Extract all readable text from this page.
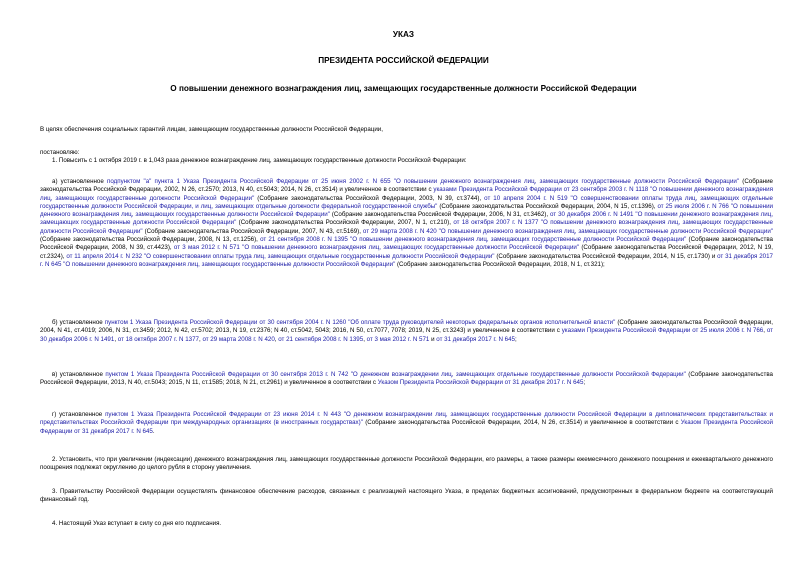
УКАЗ
ПРЕЗИДЕНТА РОССИЙСКОЙ ФЕДЕРАЦИИ
О повышении денежного вознаграждения лиц, замещающих государственные должности Российской Федерации

В целях обеспечения социальных гарантий лицам, замещающим государственные должности Российской Федерации,

постановляю:

1. Повысить с 1 октября 2019 г. в 1,043 раза денежное вознаграждение лиц, замещающих государственные должности Российской Федерации:

а) установленное подпунктом "а" пункта 1 Указа Президента Российской Федерации от 25 июня 2002 г. N 655 "О повышении денежного вознаграждения лиц, замещающих государственные должности Российской Федерации" (Собрание законодательства Российской Федерации, 2002, N 26, ст.2570; 2013, N 40, ст.5043; 2014, N 26, ст.3514) и увеличенное в соответствии с указами Президента Российской Федерации от 23 сентября 2003 г. N 1118 "О повышении денежного вознаграждения лиц, замещающих государственные должности Российской Федерации" (Собрание законодательства Российской Федерации, 2003, N 39, ст.3744), от 10 апреля 2004 г. N 519 "О совершенствовании оплаты труда лиц, замещающих отдельные государственные должности Российской Федерации, и лиц, замещающих отдельные должности федеральной государственной службы" (Собрание законодательства Российской Федерации, 2004, N 15, ст.1396), от 25 июля 2006 г. N 766 "О повышении денежного вознаграждения лиц, замещающих государственные должности Российской Федерации" (Собрание законодательства Российской Федерации, 2006, N 31, ст.3462), от 30 декабря 2006 г. N 1491 "О повышении денежного вознаграждения лиц, замещающих государственные должности Российской Федерации" (Собрание законодательства Российской Федерации, 2007, N 1, ст.210), от 18 октября 2007 г. N 1377 "О повышении денежного вознаграждения лиц, замещающих государственные должности Российской Федерации" (Собрание законодательства Российской Федерации, 2007, N 43, ст.5169), от 29 марта 2008 г. N 420 "О повышении денежного вознаграждения лиц, замещающих государственные должности Российской Федерации" (Собрание законодательства Российской Федерации, 2008, N 13, ст.1256), от 21 сентября 2008 г. N 1395 "О повышении денежного вознаграждения лиц, замещающих государственные должности Российской Федерации" (Собрание законодательства Российской Федерации, 2008, N 39, ст.4423), от 3 мая 2012 г. N 571 "О повышении денежного вознаграждения лиц, замещающих государственные должности Российской Федерации" (Собрание законодательства Российской Федерации, 2012, N 19, ст.2324), от 11 апреля 2014 г. N 232 "О совершенствовании оплаты труда лиц, замещающих отдельные государственные должности Российской Федерации" (Собрание законодательства Российской Федерации, 2014, N 15, ст.1730) и от 31 декабря 2017 г. N 645 "О повышении денежного вознаграждения лиц, замещающих государственные должности Российской Федерации" (Собрание законодательства Российской Федерации, 2018, N 1, ст.321);

б) установленное пунктом 1 Указа Президента Российской Федерации от 30 сентября 2004 г. N 1260 "Об оплате труда руководителей некоторых федеральных органов исполнительной власти" (Собрание законодательства Российской Федерации, 2004, N 41, ст.4019; 2006, N 31, ст.3459; 2012, N 42, ст.5702; 2013, N 19, ст.2376; N 40, ст.5042, 5043; 2016, N 50, ст.7077, 7078; 2019, N 25, ст.3243) и увеличенное в соответствии с указами Президента Российской Федерации от 25 июля 2006 г. N 766, от 30 декабря 2006 г. N 1491, от 18 октября 2007 г. N 1377, от 29 марта 2008 г. N 420, от 21 сентября 2008 г. N 1395, от 3 мая 2012 г. N 571 и от 31 декабря 2017 г. N 645;

в) установленное пунктом 1 Указа Президента Российской Федерации от 30 сентября 2013 г. N 742 "О денежном вознаграждении лиц, замещающих отдельные государственные должности Российской Федерации" (Собрание законодательства Российской Федерации, 2013, N 40, ст.5043; 2015, N 11, ст.1585; 2018, N 21, ст.2961) и увеличенное в соответствии с Указом Президента Российской Федерации от 31 декабря 2017 г. N 645;

г) установленное пунктом 1 Указа Президента Российской Федерации от 23 июня 2014 г. N 443 "О денежном вознаграждении лиц, замещающих государственные должности Российской Федерации в дипломатических представительствах и представительствах Российской Федерации при международных организациях (в иностранных государствах)" (Собрание законодательства Российской Федерации, 2014, N 26, ст.3514) и увеличенное в соответствии с Указом Президента Российской Федерации от 31 декабря 2017 г. N 645.

2. Установить, что при увеличении (индексации) денежного вознаграждения лиц, замещающих государственные должности Российской Федерации, его размеры, а также размеры ежемесячного денежного поощрения и ежеквартального денежного поощрения подлежат округлению до целого рубля в сторону увеличения.

3. Правительству Российской Федерации осуществлять финансовое обеспечение расходов, связанных с реализацией настоящего Указа, в пределах бюджетных ассигнований, предусмотренных в федеральном бюджете на соответствующий финансовый год.

4. Настоящий Указ вступает в силу со дня его подписания.
